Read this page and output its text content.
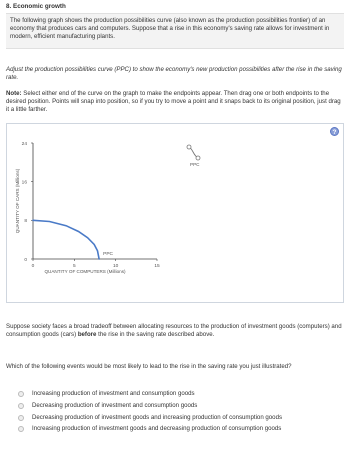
8. Economic growth

The following graph shows the production possibilities curve (also known as the production possibilities frontier) of an economy that produces cars and computers. Suppose that a rise in this economy's saving rate allows for investment in modern, efficient manufacturing plants.

Adjust the production possibilities curve (PPC) to show the economy's new production possibilities after the rise in the saving rate.

Note: Select either end of the curve on the graph to make the endpoints appear. Then drag one or both endpoints to the desired position. Points will snap into position, so if you try to move a point and it snaps back to its original position, just drag it a little farther.

?
0
8
16
24
0	5	10	15
QUANTITY OF COMPUTERS (Millions)
QUANTITY OF CARS (Millions)
PPC
PPC

Suppose society faces a broad tradeoff between allocating resources to the production of investment goods (computers) and consumption goods (cars) before the rise in the saving rate described above.

Which of the following events would be most likely to lead to the rise in the saving rate you just illustrated?

Increasing production of investment and consumption goods
Decreasing production of investment and consumption goods
Decreasing production of investment goods and increasing production of consumption goods
Increasing production of investment goods and decreasing production of consumption goods
